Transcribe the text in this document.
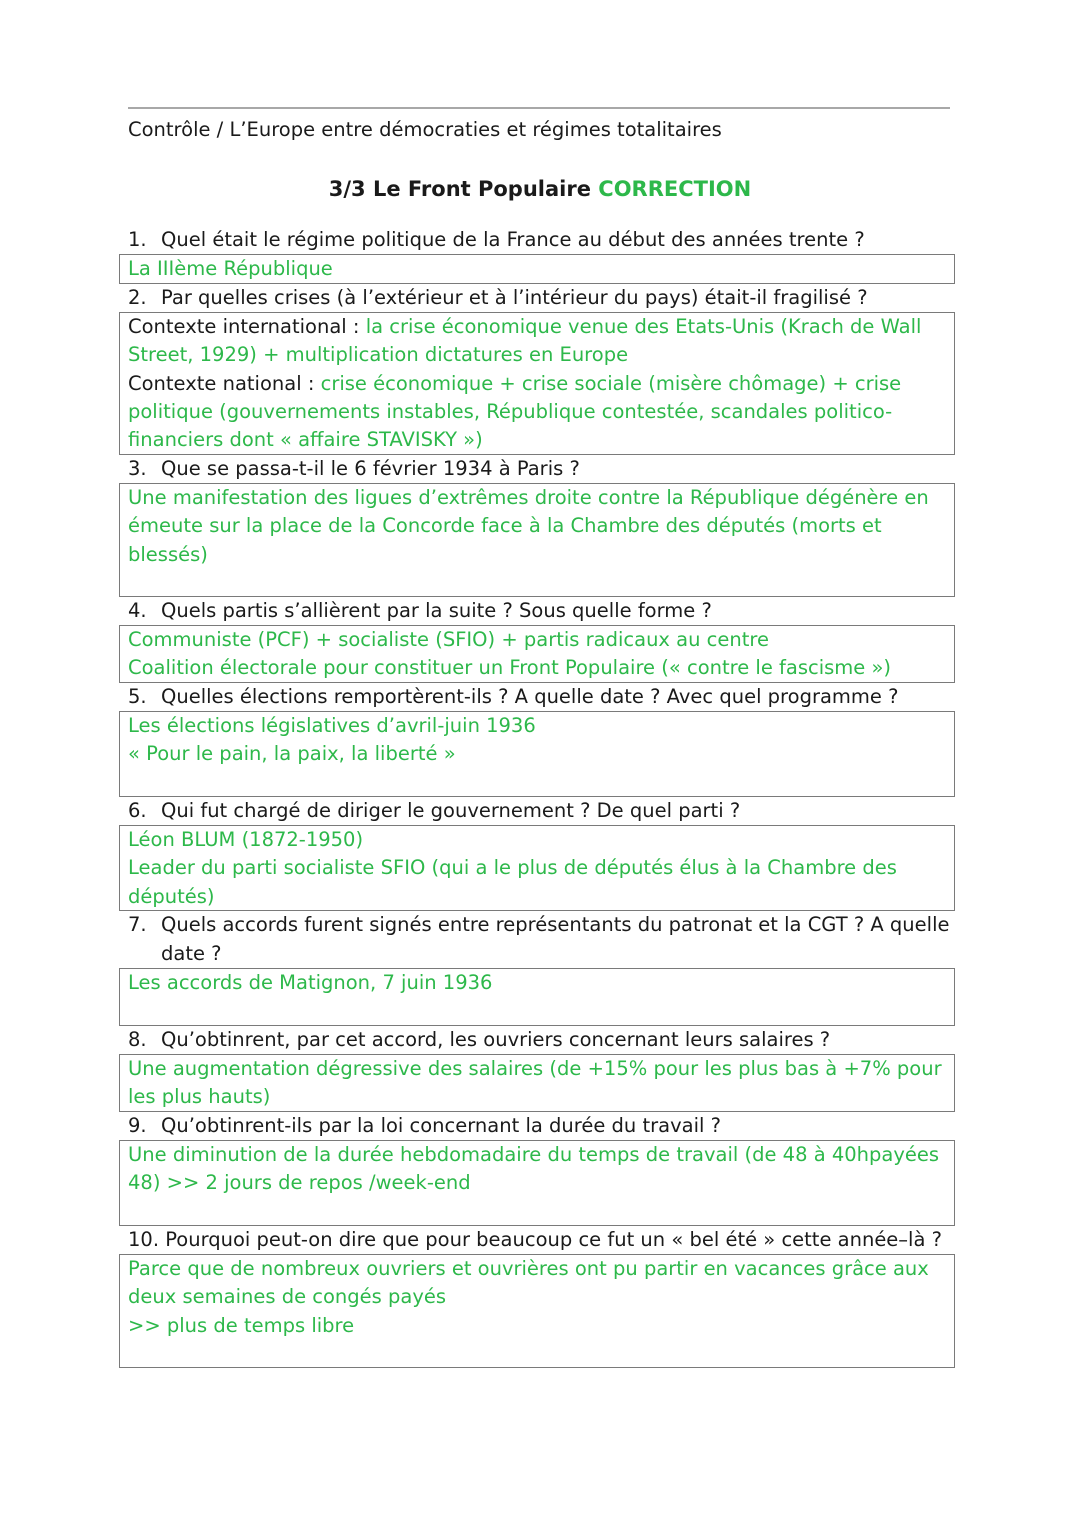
Contrôle / L’Europe entre démocraties et régimes totalitaires
3/3 Le Front Populaire CORRECTION
1. Quel était le régime politique de la France au début des années trente ?
La IIIème République
2. Par quelles crises (à l’extérieur et à l’intérieur du pays) était-il fragilisé ?
Contexte international : la crise économique venue des Etats-Unis (Krach de Wall Street, 1929) + multiplication dictatures en Europe
Contexte national : crise économique + crise sociale (misère chômage) + crise politique (gouvernements instables, République contestée, scandales politico-financiers dont « affaire STAVISKY »)
3. Que se passa-t-il le 6 février 1934 à Paris ?
Une manifestation des ligues d’extrêmes droite contre la République dégénère en émeute sur la place de la Concorde face à la Chambre des députés (morts et blessés)
4. Quels partis s’allièrent par la suite ? Sous quelle forme ?
Communiste (PCF) + socialiste (SFIO) + partis radicaux au centre
Coalition électorale pour constituer un Front Populaire (« contre le fascisme »)
5. Quelles élections remportèrent-ils ? A quelle date ? Avec quel programme ?
Les élections législatives d’avril-juin 1936
« Pour le pain, la paix, la liberté »
6. Qui fut chargé de diriger le gouvernement ? De quel parti ?
Léon BLUM (1872-1950)
Leader du parti socialiste SFIO (qui a le plus de députés élus à la Chambre des députés)
7. Quels accords furent signés entre représentants du patronat et la CGT ? A quelle date ?
Les accords de Matignon, 7 juin 1936
8. Qu’obtinrent, par cet accord, les ouvriers concernant leurs salaires ?
Une augmentation dégressive des salaires (de +15% pour les plus bas à +7% pour les plus hauts)
9. Qu’obtinrent-ils par la loi concernant la durée du travail ?
Une diminution de la durée hebdomadaire du temps de travail (de 48 à 40hpayées 48) >> 2 jours de repos /week-end
10. Pourquoi peut-on dire que pour beaucoup ce fut un « bel été » cette année–là ?
Parce que de nombreux ouvriers et ouvrières ont pu partir en vacances grâce aux deux semaines de congés payés
>> plus de temps libre
